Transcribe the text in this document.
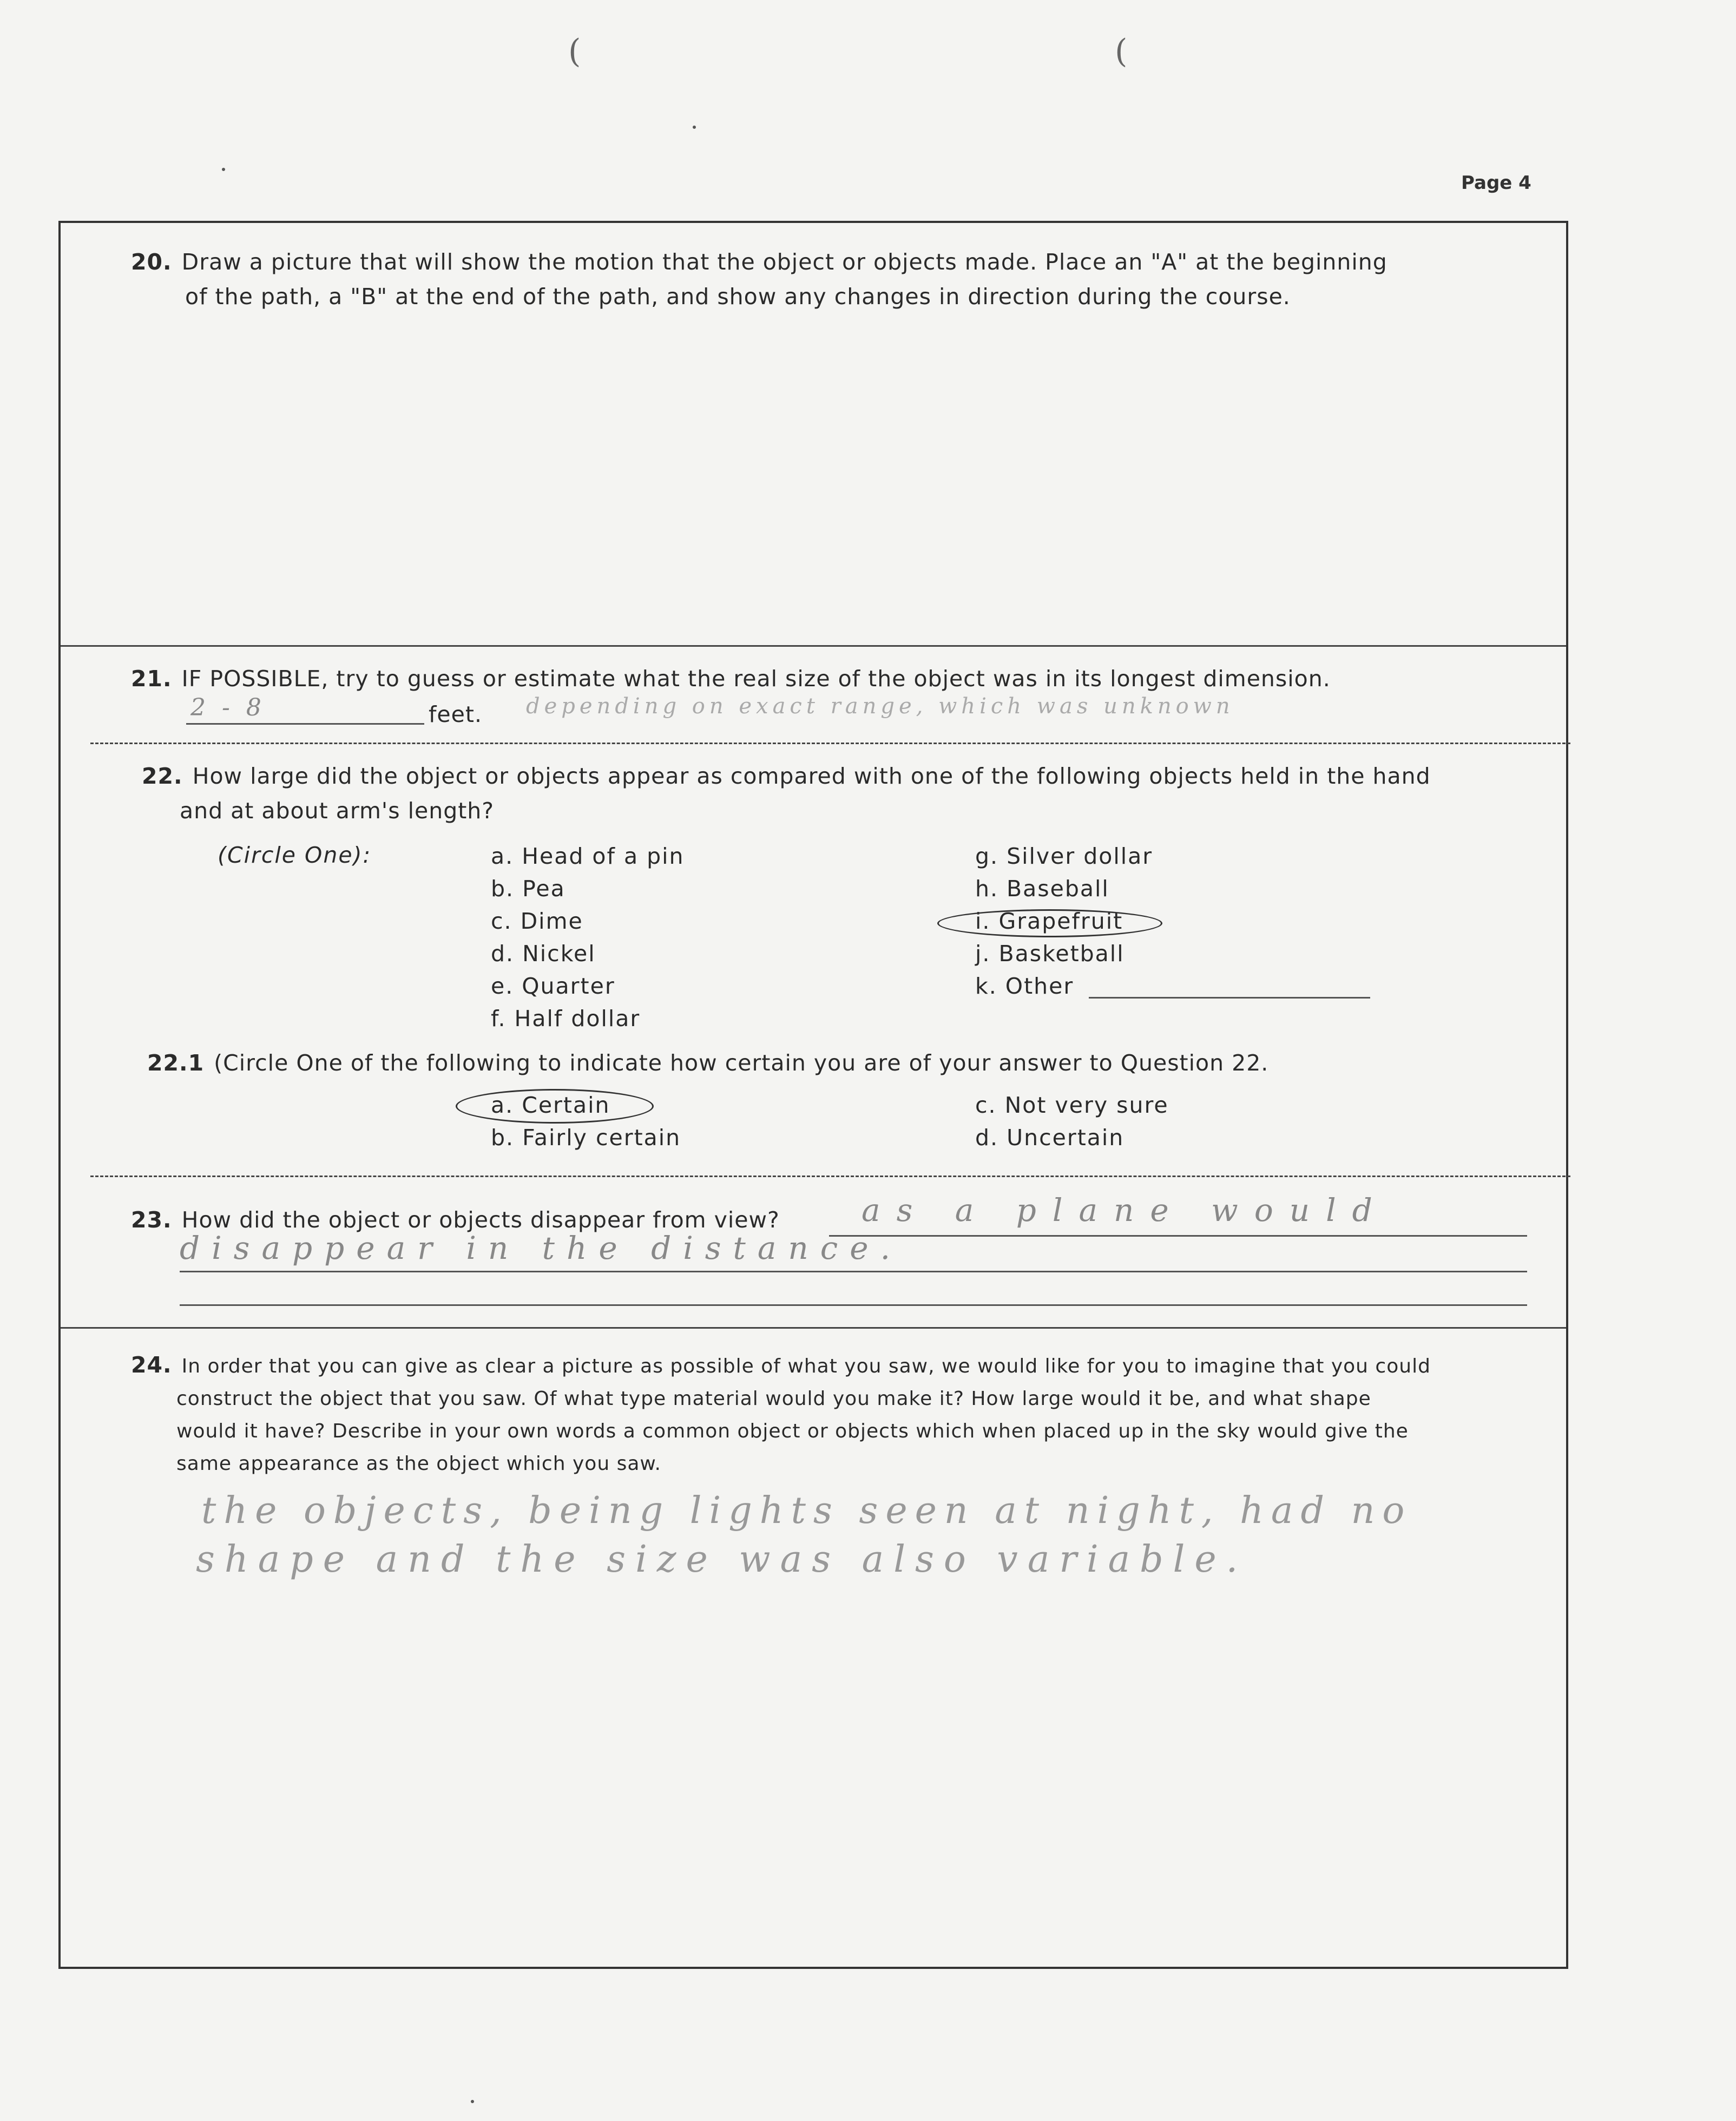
(	(
Page 4
20. Draw a picture that will show the motion that the object or objects made. Place an "A" at the beginning
of the path, a "B" at the end of the path, and show any changes in direction during the course.
21. IF POSSIBLE, try to guess or estimate what the real size of the object was in its longest dimension.
2 - 8	feet. depending on exact range, which was unknown
22. How large did the object or objects appear as compared with one of the following objects held in the hand
and at about arm's length?
(Circle One):	a. Head of a pin
b. Pea
c. Dime
d. Nickel
e. Quarter
f. Half dollar
g. Silver dollar
h. Baseball
i. Grapefruit
j. Basketball
k. Other
22.1 (Circle One of the following to indicate how certain you are of your answer to Question 22.
a. Certain
b. Fairly certain
c. Not very sure
d. Uncertain
23. How did the object or objects disappear from view?	as a plane would
disappear in the distance.
24. In order that you can give as clear a picture as possible of what you saw, we would like for you to imagine that you could
construct the object that you saw. Of what type material would you make it? How large would it be, and what shape
would it have? Describe in your own words a common object or objects which when placed up in the sky would give the
same appearance as the object which you saw.
the objects, being lights seen at night, had no
shape and the size was also variable.
